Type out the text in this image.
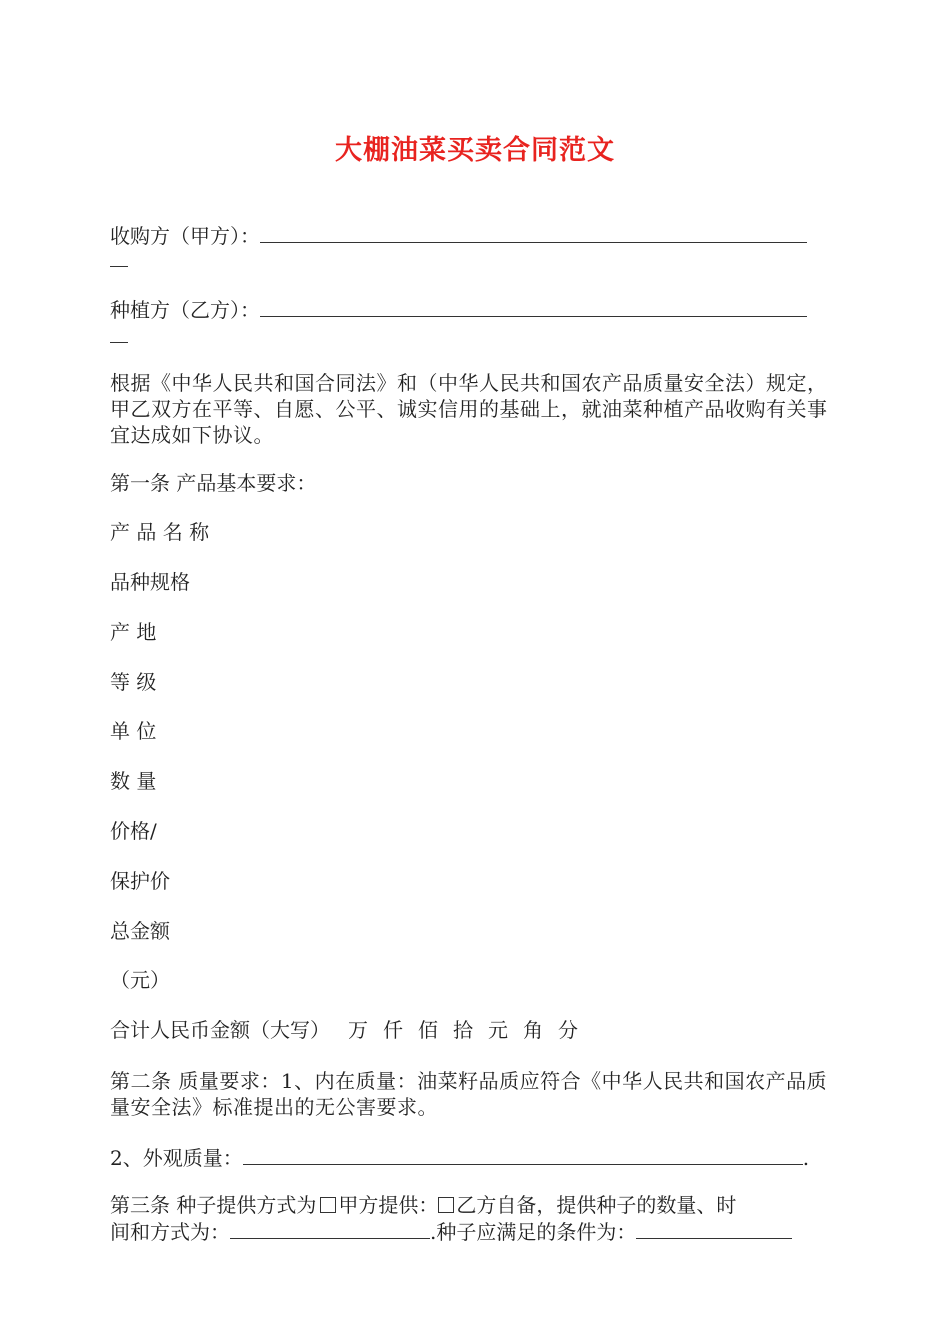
大棚油菜买卖合同范文
收购方（甲方）：
种植方（乙方）：
根据《中华人民共和国合同法》和（中华人民共和国农产品质量安全法）规定，甲乙双方在平等、自愿、公平、诚实信用的基础上，就油菜种植产品收购有关事宜达成如下协议。
第一条 产品基本要求：
产 品 名 称
品种规格
产 地
等 级
单 位
数 量
价格/
保护价
总金额
（元）
合计人民币金额（大写） 万 仟 佰 拾 元 角 分
第二条 质量要求：1、内在质量：油菜籽品质应符合《中华人民共和国农产品质量安全法》标准提出的无公害要求。
2、外观质量：	.
第三条 种子提供方式为 甲方提供： 乙方自备，提供种子的数量、时
间和方式为：	.种子应满足的条件为：
